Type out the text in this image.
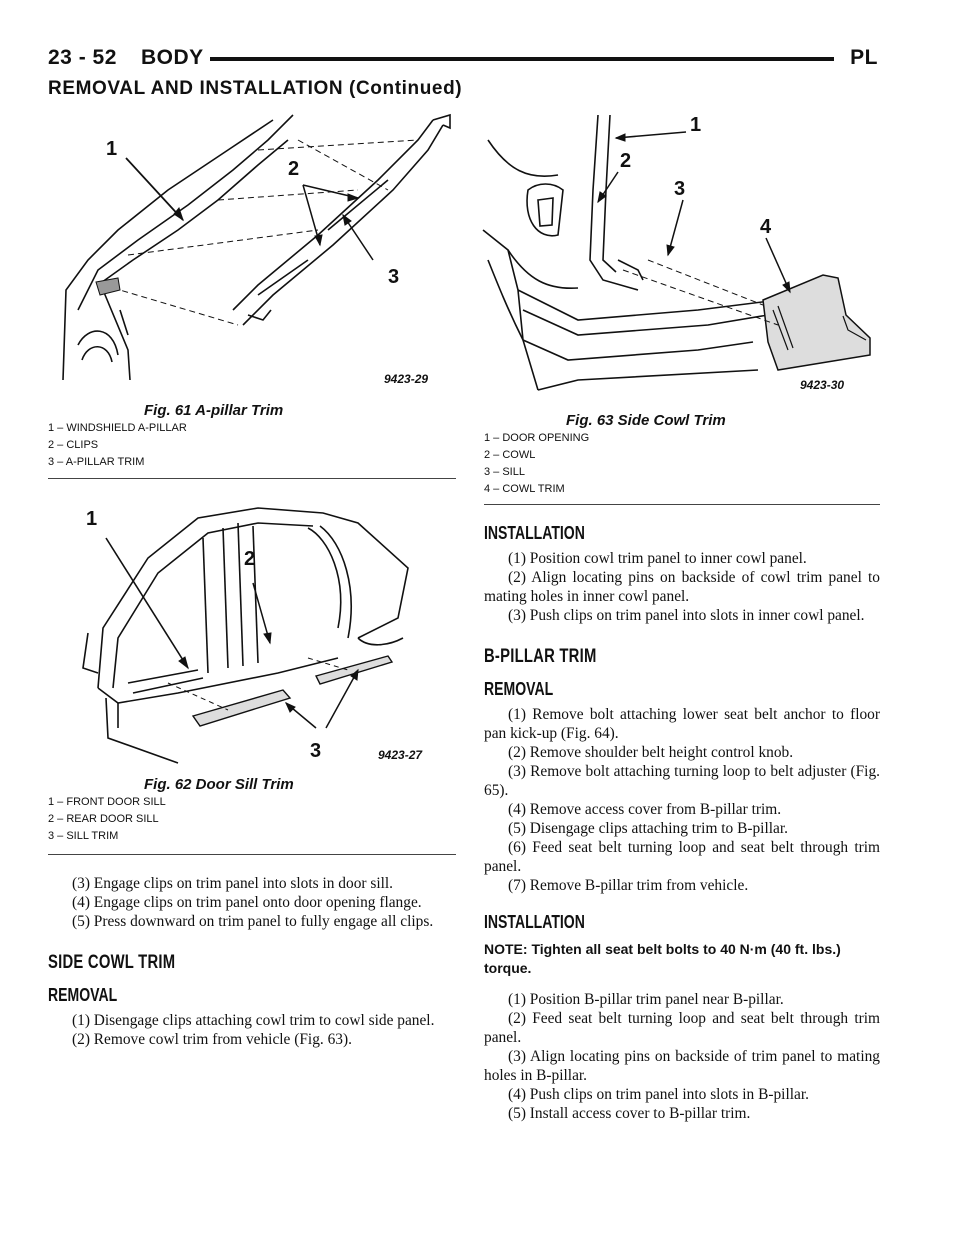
23 - 52 BODY	PL
REMOVAL AND INSTALLATION (Continued)
1
2
3
9423-29
Fig. 61 A-pillar Trim
1 – WINDSHIELD A-PILLAR
2 – CLIPS
3 – A-PILLAR TRIM
1
2
3	9423-27
Fig. 62 Door Sill Trim
1 – FRONT DOOR SILL
2 – REAR DOOR SILL
3 – SILL TRIM
1
2
3
4
9423-30
Fig. 63 Side Cowl Trim
1 – DOOR OPENING
2 – COWL
3 – SILL
4 – COWL TRIM

(3) Engage clips on trim panel into slots in door sill.

(4) Engage clips on trim panel onto door opening flange.

(5) Press downward on trim panel to fully engage all clips.

SIDE COWL TRIM
REMOVAL

(1) Disengage clips attaching cowl trim to cowl side panel.

(2) Remove cowl trim from vehicle (Fig. 63).

INSTALLATION

(1) Position cowl trim panel to inner cowl panel.

(2) Align locating pins on backside of cowl trim panel to mating holes in inner cowl panel.

(3) Push clips on trim panel into slots in inner cowl panel.

B-PILLAR TRIM
REMOVAL

(1) Remove bolt attaching lower seat belt anchor to floor pan kick-up (Fig. 64).

(2) Remove shoulder belt height control knob.

(3) Remove bolt attaching turning loop to belt adjuster (Fig. 65).

(4) Remove access cover from B-pillar trim.

(5) Disengage clips attaching trim to B-pillar.

(6) Feed seat belt turning loop and seat belt through trim panel.

(7) Remove B-pillar trim from vehicle.

INSTALLATION
NOTE: Tighten all seat belt bolts to 40 N·m (40 ft. lbs.) torque.

(1) Position B-pillar trim panel near B-pillar.

(2) Feed seat belt turning loop and seat belt through trim panel.

(3) Align locating pins on backside of trim panel to mating holes in B-pillar.

(4) Push clips on trim panel into slots in B-pillar.

(5) Install access cover to B-pillar trim.
